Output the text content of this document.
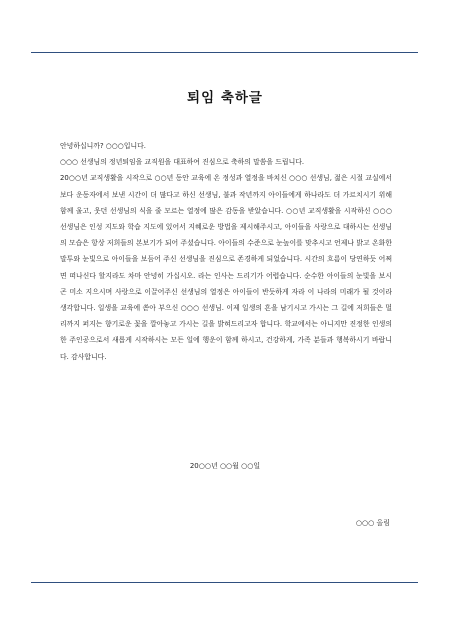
퇴임 축하글

안녕하십니까? ○○○입니다.

○○○ 선생님의 정년퇴임을 교직원을 대표하여 진심으로 축하의 말씀을 드립니다.

20○○년 교직생활을 시작으로 ○○년 동안 교육에 온 정성과 열정을 바치신 ○○○ 선생님, 젊은 시절 교실에서보다 운동자에서 보낸 시간이 더 많다고 하신 선생님, 불과 작년까지 아이들에게 하나라도 더 가르치시기 위해 함께 울고, 웃던 선생님의 식을 줄 모르는 열정에 많은 감동을 받았습니다. ○○년 교직생활을 시작하신 ○○○ 선생님은 인성 지도와 학습 지도에 있어서 지혜로운 방법을 제시해주시고, 아이들을 사랑으로 대하시는 선생님의 모습은 항상 저희들의 본보기가 되어 주셨습니다. 아이들의 수준으로 눈높이를 맞추시고 언제나 밝고 온화한 말투와 눈빛으로 아이들을 보듬어 주신 선생님을 진심으로 존경하게 되었습니다. 시간의 흐름이 당연하듯 어쩌면 떠나신다 할지라도 차마 안녕히 가십시오. 라는 인사는 드리기가 어렵습니다. 순수한 아이들의 눈빛을 보시곤 미소 지으시며 사랑으로 이끌어주신 선생님의 열정은 아이들이 반듯하게 자라 이 나라의 미래가 될 것이라 생각합니다. 일생을 교육에 쏟아 부으신 ○○○ 선생님. 이제 일생의 흔을 남기시고 가시는 그 길에 저희들은 멀리까지 퍼지는 향기로운 꽃을 깔아놓고 가시는 길을 밝혀드리고자 합니다. 학교에서는 아니지만 진정한 인생의 한 주인공으로서 새롭게 시작하시는 모든 일에 행운이 함께 하시고, 건강하게, 가족 분들과 행복하시기 바랍니다. 감사합니다.

20○○년 ○○월 ○○일
○○○ 올림
